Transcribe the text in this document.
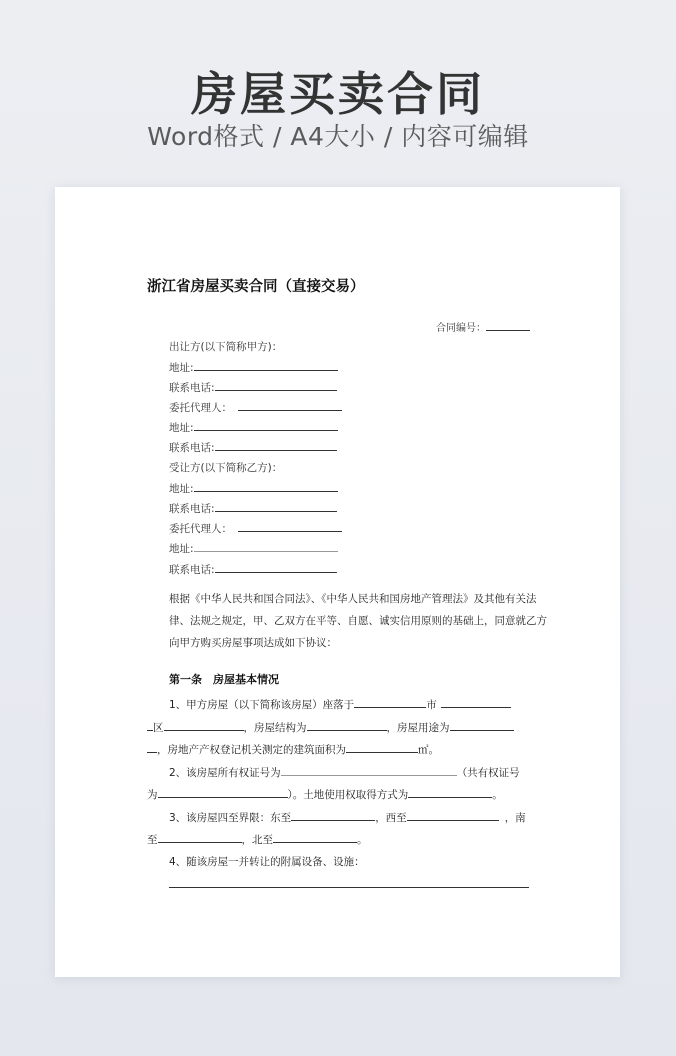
房屋买卖合同
Word格式 / A4大小 / 内容可编辑
浙江省房屋买卖合同（直接交易）
合同编号：
出让方(以下简称甲方)：
地址:
联系电话:
委托代理人：
地址:
联系电话:
受让方(以下简称乙方)：
地址:
联系电话:
委托代理人：
地址:
联系电话:
根据《中华人民共和国合同法》、《中华人民共和国房地产管理法》及其他有关法律、法规之规定，甲、乙双方在平等、自愿、诚实信用原则的基础上，同意就乙方向甲方购买房屋事项达成如下协议：
第一条　房屋基本情况
1、甲方房屋（以下简称该房屋）座落于	市
区	，房屋结构为	，房屋用途为
，房地产产权登记机关测定的建筑面积为	㎡。
2、该房屋所有权证号为	（共有权证号
为	）。土地使用权取得方式为	。
3、该房屋四至界限：东至	，西至	，南
至	，北至	。
4、随该房屋一并转让的附属设备、设施：
